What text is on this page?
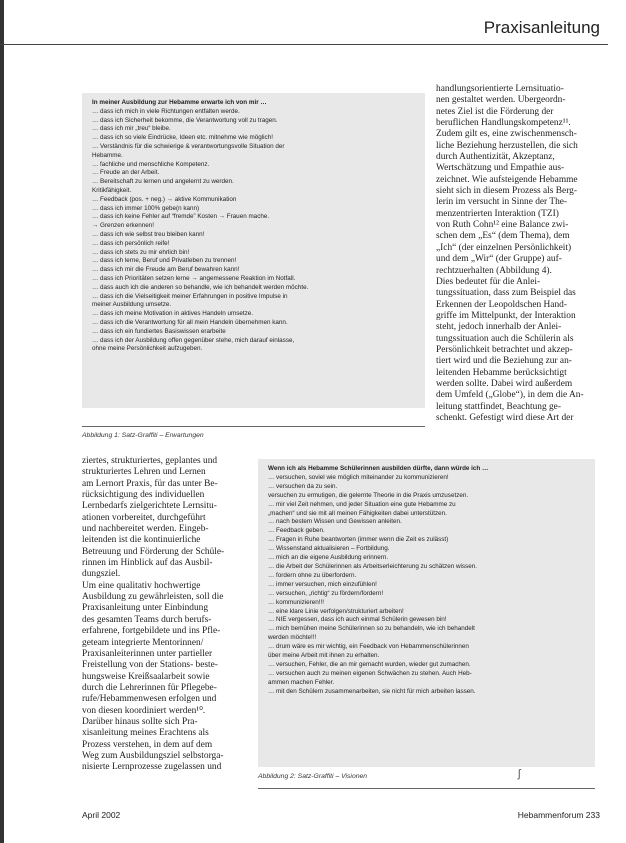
Praxisanleitung
In meiner Ausbildung zur Hebamme erwarte ich von mir …
… dass ich mich in viele Richtungen entfalten werde.
… dass ich Sicherheit bekomme, die Verantwortung voll zu tragen.
… dass ich mir „treu“ bleibe.
… dass ich so viele Eindrücke, Ideen etc. mitnehme wie möglich!
… Verständnis für die schwierige & verantwortungsvolle Situation der
Hebamme.
… fachliche und menschliche Kompetenz.
… Freude an der Arbeit.
… Bereitschaft zu lernen und angelernt zu werden.
Kritikfähigkeit.
… Feedback (pos. + neg.) → aktive Kommunikation
… dass ich immer 100% gebe(n kann)
… dass ich keine Fehler auf “fremde” Kosten → Frauen mache.
→ Grenzen erkennen!
… dass ich wie selbst treu bleiben kann!
… dass ich persönlich reife!
… dass ich stets zu mir ehrlich bin!
… dass ich lerne, Beruf und Privatleben zu trennen!
… dass ich mir die Freude am Beruf bewahren kann!
… dass ich Prioritäten setzen lerne → angemessene Reaktion im Notfall.
… dass auch ich die anderen so behandle, wie ich behandelt werden möchte.
… dass ich die Vielseitigkeit meiner Erfahrungen in positive Impulse in
meiner Ausbildung umsetze.
… dass ich meine Motivation in aktives Handeln umsetze.
… dass ich die Verantwortung für all mein Handeln übernehmen kann.
… dass ich ein fundiertes Basiswissen erarbeite
… dass ich der Ausbildung offen gegenüber stehe, mich darauf einlasse,
ohne meine Persönlichkeit aufzugeben.
Abbildung 1: Satz-Graffiti – Erwartungen
handlungsorientierte Lernsituatio-
nen gestaltet werden. Übergeordn-
netes Ziel ist die Förderung der
beruflichen Handlungskompetenz¹¹.
Zudem gilt es, eine zwischenmensch-
liche Beziehung herzustellen, die sich
durch Authentizität, Akzeptanz,
Wertschätzung und Empathie aus-
zeichnet. Wie aufsteigende Hebamme
sieht sich in diesem Prozess als Berg-
lerin im versucht in Sinne der The-
menzentrierten Interaktion (TZI)
von Ruth Cohn¹² eine Balance zwi-
schen dem „Es“ (dem Thema), dem
„Ich“ (der einzelnen Persönlichkeit)
und dem „Wir“ (der Gruppe) auf-
rechtzuerhalten (Abbildung 4).
Dies bedeutet für die Anlei-
tungssituation, dass zum Beispiel das
Erkennen der Leopoldschen Hand-
griffe im Mittelpunkt, der Interaktion
steht, jedoch innerhalb der Anlei-
tungssituation auch die Schülerin als
Persönlichkeit betrachtet und akzep-
tiert wird und die Beziehung zur an-
leitenden Hebamme berücksichtigt
werden sollte. Dabei wird außerdem
dem Umfeld („Globe“), in dem die An-
leitung stattfindet, Beachtung ge-
schenkt. Gefestigt wird diese Art der
ziertes, strukturiertes, geplantes und
strukturiertes Lehren und Lernen
am Lernort Praxis, für das unter Be-
rücksichtigung des individuellen
Lernbedarfs zielgerichtete Lernsitu-
ationen vorbereitet, durchgeführt
und nachbereitet werden. Eingeb-
leitenden ist die kontinuierliche
Betreuung und Förderung der Schüle-
rinnen im Hinblick auf das Ausbil-
dungsziel.
Um eine qualitativ hochwertige
Ausbildung zu gewährleisten, soll die
Praxisanleitung unter Einbindung
des gesamten Teams durch berufs-
erfahrene, fortgebildete und ins Pfle-
geteam integrierte Mentorinnen/
Praxisanleiterinnen unter partieller
Freistellung von der Stations- beste-
hungsweise Kreißsaalarbeit sowie
durch die Lehrerinnen für Pflegebe-
rufe/Hebammenwesen erfolgen und
von diesen koordiniert werden¹⁰.
Darüber hinaus sollte sich Pra-
xisanleitung meines Erachtens als
Prozess verstehen, in dem auf dem
Weg zum Ausbildungsziel selbstorga-
nisierte Lernprozesse zugelassen und
Wenn ich als Hebamme Schülerinnen ausbilden dürfte, dann würde ich …
… versuchen, soviel wie möglich miteinander zu kommunizieren!
… versuchen da zu sein.
versuchen zu ermutigen, die gelernte Theorie in die Praxis umzusetzen.
… mir viel Zeit nehmen, und jeder Situation eine gute Hebamme zu
„machen“ und sie mit all meinen Fähigkeiten dabei unterstützen.
… nach bestem Wissen und Gewissen anleiten.
… Feedback geben.
… Fragen in Ruhe beantworten (immer wenn die Zeit es zulässt)
… Wissenstand aktualisieren – Fortbildung.
… mich an die eigene Ausbildung erinnern.
… die Arbeit der Schülerinnen als Arbeitserleichterung zu schätzen wissen.
… fordern ohne zu überfordern.
… immer versuchen, mich einzufühlen!
… versuchen, „richtig“ zu fördern/fordern!
… kommunizieren!!!
… eine klare Linie verfolgen/strukturiert arbeiten!
… NIE vergessen, dass ich auch einmal Schülerin gewesen bin!
… mich bemühen meine Schülerinnen so zu behandeln, wie ich behandelt
werden möchte!!!
… drum wäre es mir wichtig, ein Feedback von Hebammenschülerinnen
über meine Arbeit mit ihnen zu erhalten.
… versuchen, Fehler, die an mir gemacht wurden, wieder gut zumachen.
… versuchen auch zu meinen eigenen Schwächen zu stehen. Auch Heb-
ammen machen Fehler.
… mit den Schülern zusammenarbeiten, sie nicht für mich arbeiten lassen.
ʃ
Abbildung 2: Satz-Graffiti – Visionen
April 2002	Hebammenforum 233
